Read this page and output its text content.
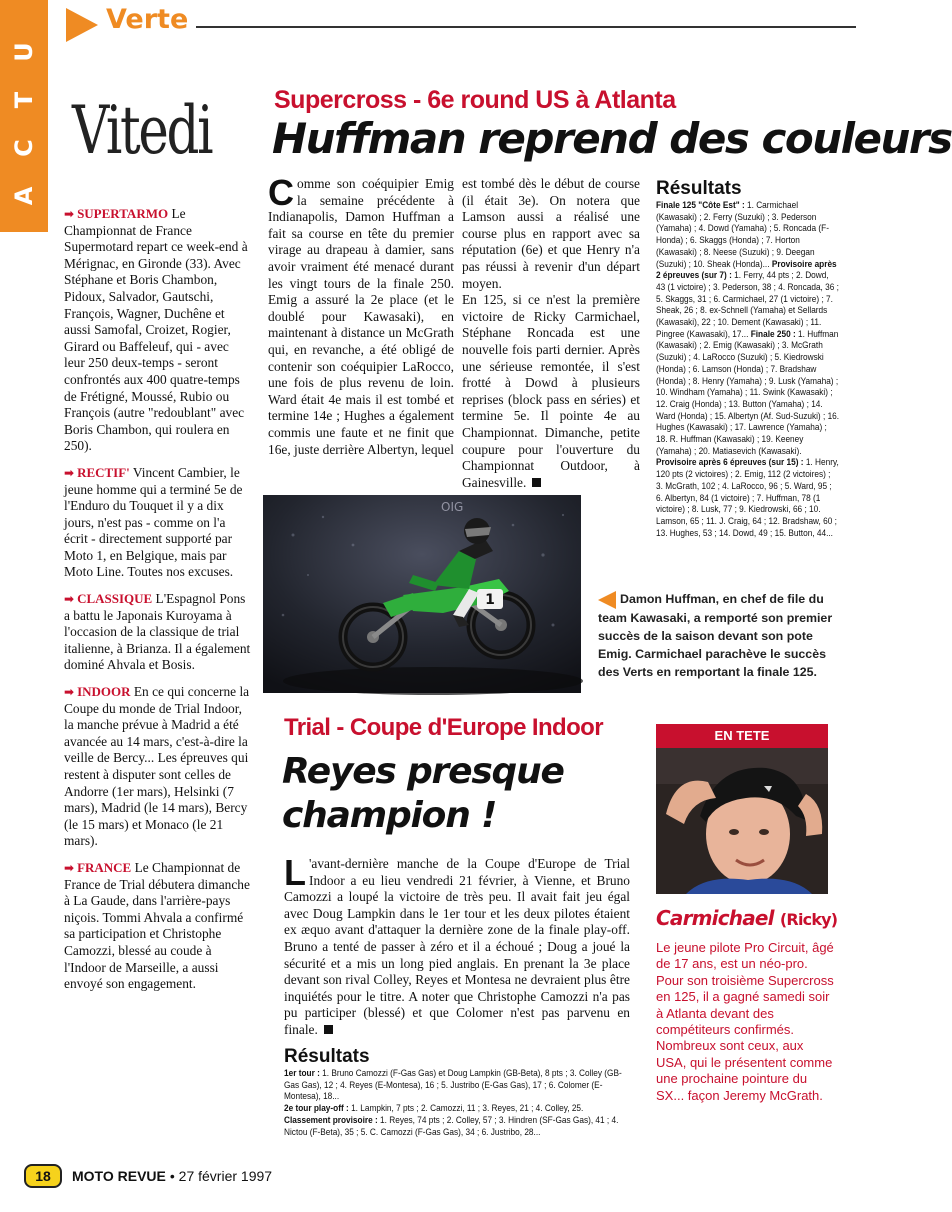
U
T
C
A
Verte
Vitedi

➡ SUPERTARMO Le Championnat de France Supermotard repart ce week-end à Mérignac, en Gironde (33). Avec Stéphane et Boris Chambon, Pidoux, Salvador, Gautschi, François, Wagner, Duchêne et aussi Samofal, Croizet, Rogier, Girard ou Baffeleuf, qui - avec leur 250 deux-temps - seront confrontés aux 400 quatre-temps de Frétigné, Moussé, Rubio ou François (autre "redoublant" avec Boris Chambon, qui roulera en 250).

➡ RECTIF' Vincent Cambier, le jeune homme qui a terminé 5e de l'Enduro du Touquet il y a dix jours, n'est pas - comme on l'a écrit - directement supporté par Moto 1, en Belgique, mais par Moto Line. Toutes nos excuses.

➡ CLASSIQUE L'Espagnol Pons a battu le Japonais Kuroyama à l'occasion de la classique de trial italienne, à Brianza. Il a également dominé Ahvala et Bosis.

➡ INDOOR En ce qui concerne la Coupe du monde de Trial Indoor, la manche prévue à Madrid a été avancée au 14 mars, c'est-à-dire la veille de Bercy... Les épreuves qui restent à disputer sont celles de Andorre (1er mars), Helsinki (7 mars), Madrid (le 14 mars), Bercy (le 15 mars) et Monaco (le 21 mars).

➡ FRANCE Le Championnat de France de Trial débutera dimanche à La Gaude, dans l'arrière-pays niçois. Tommi Ahvala a confirmé sa participation et Christophe Camozzi, blessé au coude à l'Indoor de Marseille, a aussi envoyé son engagement.

Supercross - 6e round US à Atlanta
Huffman reprend des couleurs
Comme son coéquipier Emig la semaine précédente à Indianapolis, Damon Huffman a fait sa course en tête du premier virage au drapeau à damier, sans avoir vraiment été menacé durant les vingt tours de la finale 250. Emig a assuré la 2e place (et le doublé pour Kawasaki), en maintenant à distance un McGrath qui, en revanche, a été obligé de contenir son coéquipier LaRocco, une fois de plus revenu de loin. Ward était 4e mais il est tombé et termine 14e ; Hughes a également commis une faute et ne finit que 16e, juste derrière Albertyn, lequel

est tombé dès le début de course (il était 3e). On notera que Lamson aussi a réalisé une course plus en rapport avec sa réputation (6e) et que Henry n'a pas réussi à revenir d'un départ moyen.

En 125, si ce n'est la première victoire de Ricky Carmichael, Stéphane Roncada est une nouvelle fois parti dernier. Après une sérieuse remontée, il s'est frotté à Dowd à plusieurs reprises (block pass en séries) et termine 5e. Il pointe 4e au Championnat. Dimanche, petite coupure pour l'ouverture du Championnat Outdoor, à Gainesville.

Résultats
Finale 125 "Côte Est" : 1. Carmichael (Kawasaki) ; 2. Ferry (Suzuki) ; 3. Pederson (Yamaha) ; 4. Dowd (Yamaha) ; 5. Roncada (F-Honda) ; 6. Skaggs (Honda) ; 7. Horton (Kawasaki) ; 8. Neese (Suzuki) ; 9. Deegan (Suzuki) ; 10. Sheak (Honda)... Provisoire après 2 épreuves (sur 7) : 1. Ferry, 44 pts ; 2. Dowd, 43 (1 victoire) ; 3. Pederson, 38 ; 4. Roncada, 36 ; 5. Skaggs, 31 ; 6. Carmichael, 27 (1 victoire) ; 7. Sheak, 26 ; 8. ex-Schnell (Yamaha) et Sellards (Kawasaki), 22 ; 10. Dement (Kawasaki) ; 11. Pingree (Kawasaki), 17... Finale 250 : 1. Huffman (Kawasaki) ; 2. Emig (Kawasaki) ; 3. McGrath (Suzuki) ; 4. LaRocco (Suzuki) ; 5. Kiedrowski (Honda) ; 6. Lamson (Honda) ; 7. Bradshaw (Honda) ; 8. Henry (Yamaha) ; 9. Lusk (Yamaha) ; 10. Windham (Yamaha) ; 11. Swink (Kawasaki) ; 12. Craig (Honda) ; 13. Button (Yamaha) ; 14. Ward (Honda) ; 15. Albertyn (Af. Sud-Suzuki) ; 16. Hughes (Kawasaki) ; 17. Lawrence (Yamaha) ; 18. R. Huffman (Kawasaki) ; 19. Keeney (Yamaha) ; 20. Matiasevich (Kawasaki). Provisoire après 6 épreuves (sur 15) : 1. Henry, 120 pts (2 victoires) ; 2. Emig, 112 (2 victoires) ; 3. McGrath, 102 ; 4. LaRocco, 96 ; 5. Ward, 95 ; 6. Albertyn, 84 (1 victoire) ; 7. Huffman, 78 (1 victoire) ; 8. Lusk, 77 ; 9. Kiedrowski, 66 ; 10. Lamson, 65 ; 11. J. Craig, 64 ; 12. Bradshaw, 60 ; 13. Hughes, 53 ; 14. Dowd, 49 ; 15. Button, 44...
1
OIG
Damon Huffman, en chef de file du team Kawasaki, a remporté son premier succès de la saison devant son pote Emig. Carmichael parachève le succès des Verts en remportant la finale 125.
Trial - Coupe d'Europe Indoor
Reyes presque champion !
L 'avant-dernière manche de la Coupe d'Europe de Trial Indoor a eu lieu vendredi 21 février, à Vienne, et Bruno Camozzi a loupé la victoire de très peu. Il avait fait jeu égal avec Doug Lampkin dans le 1er tour et les deux pilotes étaient ex æquo avant d'attaquer la dernière zone de la finale play-off. Bruno a tenté de passer à zéro et il a échoué ; Doug a joué la sécurité et a mis un long pied anglais. En prenant la 3e place devant son rival Colley, Reyes et Montesa ne devraient plus être inquiétés pour le titre. A noter que Christophe Camozzi n'a pas pu participer (blessé) et que Colomer n'est pas parvenu en finale.
Résultats
1er tour : 1. Bruno Camozzi (F-Gas Gas) et Doug Lampkin (GB-Beta), 8 pts ; 3. Colley (GB-Gas Gas), 12 ; 4. Reyes (E-Montesa), 16 ; 5. Justribo (E-Gas Gas), 17 ; 6. Colomer (E-Montesa), 18...
2e tour play-off : 1. Lampkin, 7 pts ; 2. Camozzi, 11 ; 3. Reyes, 21 ; 4. Colley, 25.
Classement provisoire : 1. Reyes, 74 pts ; 2. Colley, 57 ; 3. Hindren (SF-Gas Gas), 41 ; 4. Nictou (F-Beta), 35 ; 5. C. Camozzi (F-Gas Gas), 34 ; 6. Justribo, 28...
EN TETE
Carmichael (Ricky)
Le jeune pilote Pro Circuit, âgé de 17 ans, est un néo-pro. Pour son troisième Supercross en 125, il a gagné samedi soir à Atlanta devant des compétiteurs confirmés. Nombreux sont ceux, aux USA, qui le présentent comme une prochaine pointure du SX... façon Jeremy McGrath.
18	MOTO REVUE • 27 février 1997
